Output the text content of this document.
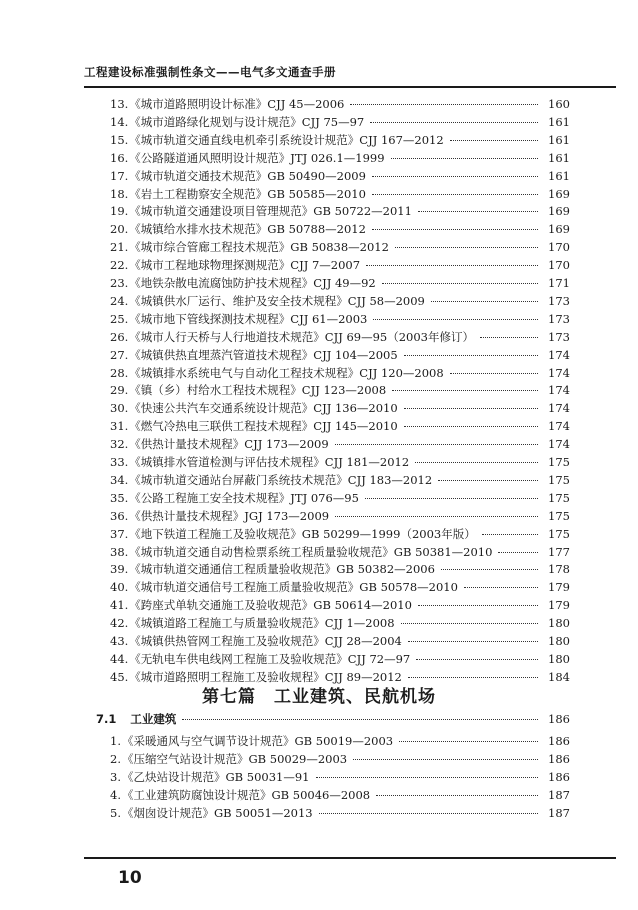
工程建设标准强制性条文——电气多文通查手册
13. 《城市道路照明设计标准》CJJ 45—2006	160
14. 《城市道路绿化规划与设计规范》CJJ 75—97	161
15. 《城市轨道交通直线电机牵引系统设计规范》CJJ 167—2012	161
16. 《公路隧道通风照明设计规范》JTJ 026.1—1999	161
17. 《城市轨道交通技术规范》GB 50490—2009	161
18. 《岩土工程勘察安全规范》GB 50585—2010	169
19. 《城市轨道交通建设项目管理规范》GB 50722—2011	169
20. 《城镇给水排水技术规范》GB 50788—2012	169
21. 《城市综合管廊工程技术规范》GB 50838—2012	170
22. 《城市工程地球物理探测规范》CJJ 7—2007	170
23. 《地铁杂散电流腐蚀防护技术规程》CJJ 49—92	171
24. 《城镇供水厂运行、维护及安全技术规程》CJJ 58—2009	173
25. 《城市地下管线探测技术规程》CJJ 61—2003	173
26. 《城市人行天桥与人行地道技术规范》CJJ 69—95（2003年修订）	173
27. 《城镇供热直埋蒸汽管道技术规程》CJJ 104—2005	174
28. 《城镇排水系统电气与自动化工程技术规程》CJJ 120—2008	174
29. 《镇（乡）村给水工程技术规程》CJJ 123—2008	174
30. 《快速公共汽车交通系统设计规范》CJJ 136—2010	174
31. 《燃气冷热电三联供工程技术规程》CJJ 145—2010	174
32. 《供热计量技术规程》CJJ 173—2009	174
33. 《城镇排水管道检测与评估技术规程》CJJ 181—2012	175
34. 《城市轨道交通站台屏蔽门系统技术规范》CJJ 183—2012	175
35. 《公路工程施工安全技术规程》JTJ 076—95	175
36. 《供热计量技术规程》JGJ 173—2009	175
37. 《地下铁道工程施工及验收规范》GB 50299—1999（2003年版）	175
38. 《城市轨道交通自动售检票系统工程质量验收规范》GB 50381—2010	177
39. 《城市轨道交通通信工程质量验收规范》GB 50382—2006	178
40. 《城市轨道交通信号工程施工质量验收规范》GB 50578—2010	179
41. 《跨座式单轨交通施工及验收规范》GB 50614—2010	179
42. 《城镇道路工程施工与质量验收规范》CJJ 1—2008	180
43. 《城镇供热管网工程施工及验收规范》CJJ 28—2004	180
44. 《无轨电车供电线网工程施工及验收规范》CJJ 72—97	180
45. 《城市道路照明工程施工及验收规程》CJJ 89—2012	184
第七篇　工业建筑、民航机场
7.1 工业建筑	186
1. 《采暖通风与空气调节设计规范》GB 50019—2003	186
2. 《压缩空气站设计规范》GB 50029—2003	186
3. 《乙炔站设计规范》GB 50031—91	186
4. 《工业建筑防腐蚀设计规范》GB 50046—2008	187
5. 《烟囱设计规范》GB 50051—2013	187
10
